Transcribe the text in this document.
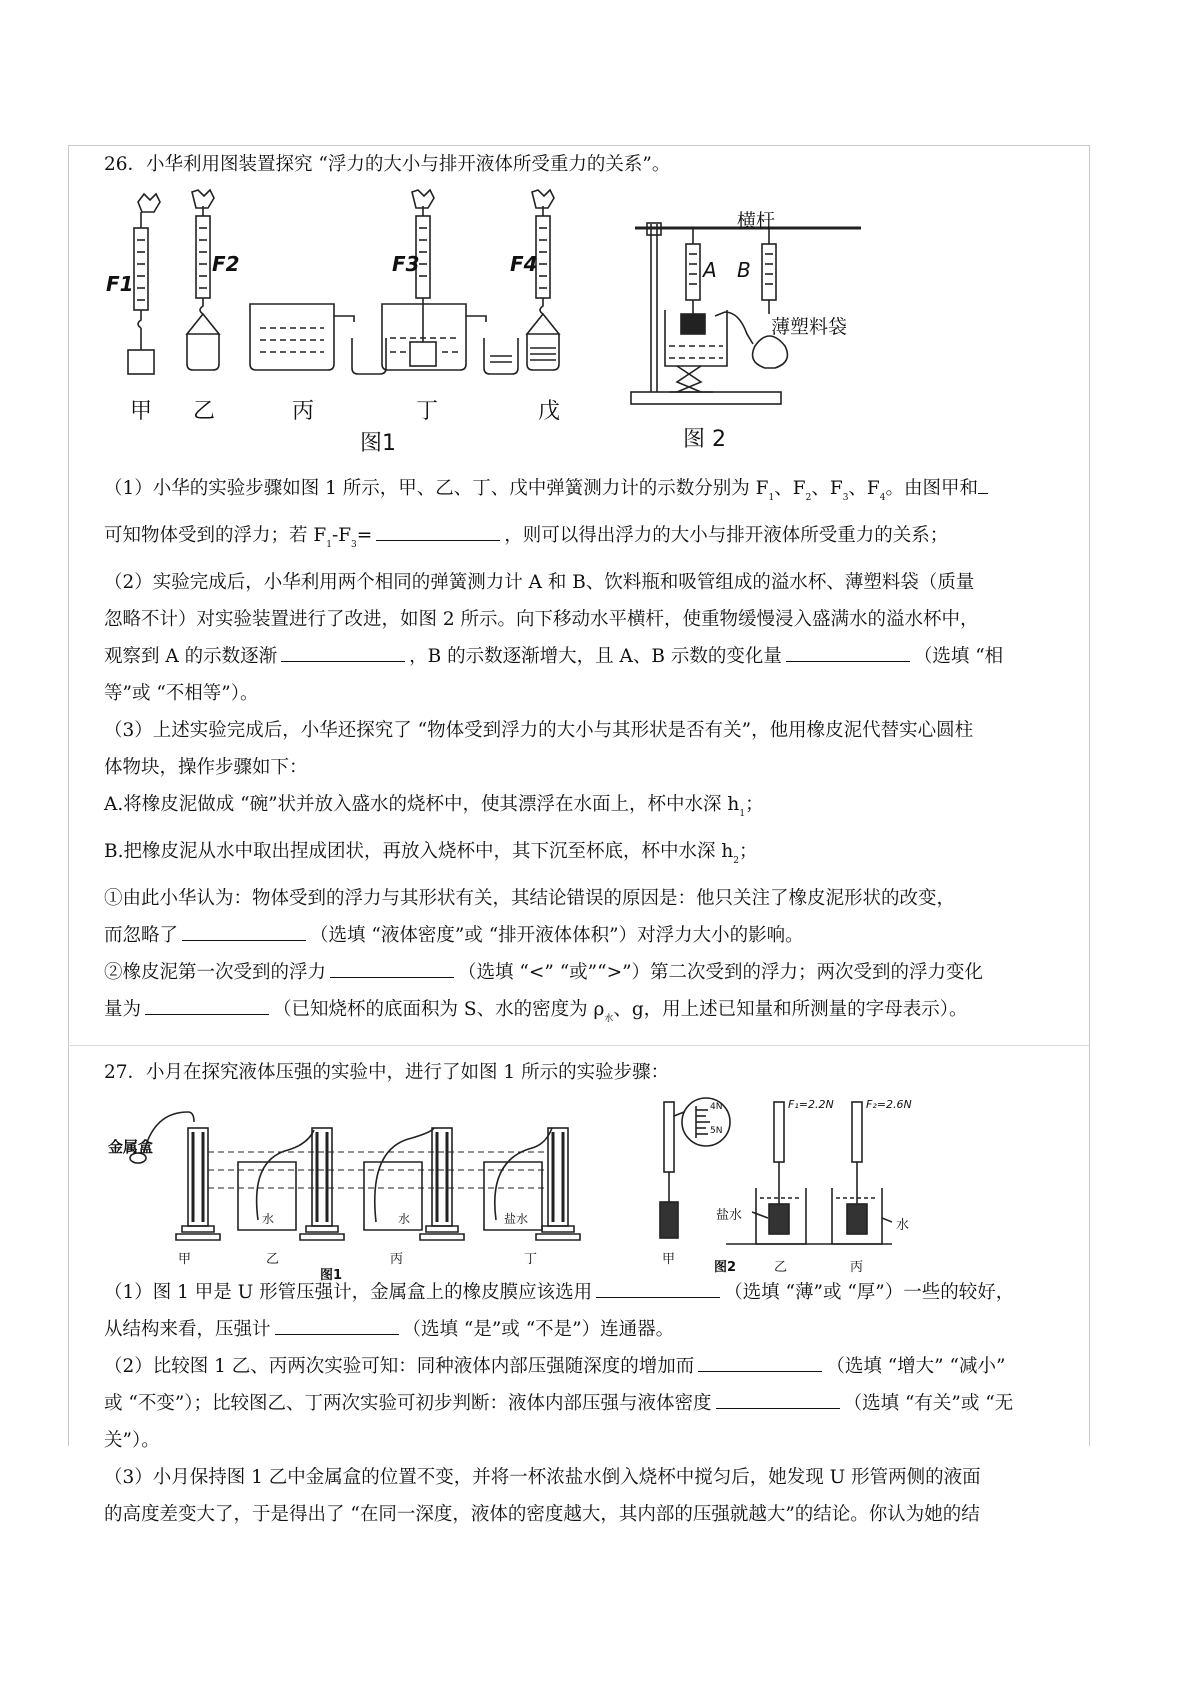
26．小华利用图装置探究 “浮力的大小与排开液体所受重力的关系”。
F1
F2	F3	F4
甲 乙	丙	丁	戊
图1
横杆
A B
薄塑料袋
图 2

（1）小华的实验步骤如图 1 所示，甲、乙、丁、戊中弹簧测力计的示数分别为 $F_1$、$F_2$、$F_3$、$F_4$。由图甲和

可知物体受到的浮力；若 $F_1-F_3=$	，则可以得出浮力的大小与排开液体所受重力的关系；

（2）实验完成后，小华利用两个相同的弹簧测力计 A 和 B、饮料瓶和吸管组成的溢水杯、薄塑料袋（质量

忽略不计）对实验装置进行了改进，如图 2 所示。向下移动水平横杆，使重物缓慢浸入盛满水的溢水杯中，

观察到 A 的示数逐渐	，B 的示数逐渐增大，且 A、B 示数的变化量	（选填 “相

等”或 “不相等”）。

（3）上述实验完成后，小华还探究了 “物体受到浮力的大小与其形状是否有关”，他用橡皮泥代替实心圆柱

体物块，操作步骤如下：

A.将橡皮泥做成 “碗”状并放入盛水的烧杯中，使其漂浮在水面上，杯中水深 $h_1$；

B.把橡皮泥从水中取出捏成团状，再放入烧杯中，其下沉至杯底，杯中水深 $h_2$；

①由此小华认为：物体受到的浮力与其形状有关，其结论错误的原因是：他只关注了橡皮泥形状的改变，

而忽略了	（选填 “液体密度”或 “排开液体体积”）对浮力大小的影响。

②橡皮泥第一次受到的浮力	（选填 “<” “或”“>”）第二次受到的浮力；两次受到的浮力变化

量为	（已知烧杯的底面积为 S、水的密度为 $\rho_水$、g，用上述已知量和所测量的字母表示）。

27．小月在探究液体压强的实验中，进行了如图 1 所示的实验步骤：
金属盒
水	水	盐水
甲	乙	丙	丁
图1
4N
5N
F₁=2.2N	F₂=2.6N
盐水
水
甲
乙	丙
图2

（1）图 1 甲是 U 形管压强计，金属盒上的橡皮膜应该选用	（选填 “薄”或 “厚”）一些的较好，

从结构来看，压强计	（选填 “是”或 “不是”）连通器。

（2）比较图 1 乙、丙两次实验可知：同种液体内部压强随深度的增加而	（选填 “增大” “减小”

或 “不变”）；比较图乙、丁两次实验可初步判断：液体内部压强与液体密度	（选填 “有关”或 “无

关”）。

（3）小月保持图 1 乙中金属盒的位置不变，并将一杯浓盐水倒入烧杯中搅匀后，她发现 U 形管两侧的液面

的高度差变大了，于是得出了 “在同一深度，液体的密度越大，其内部的压强就越大”的结论。你认为她的结
